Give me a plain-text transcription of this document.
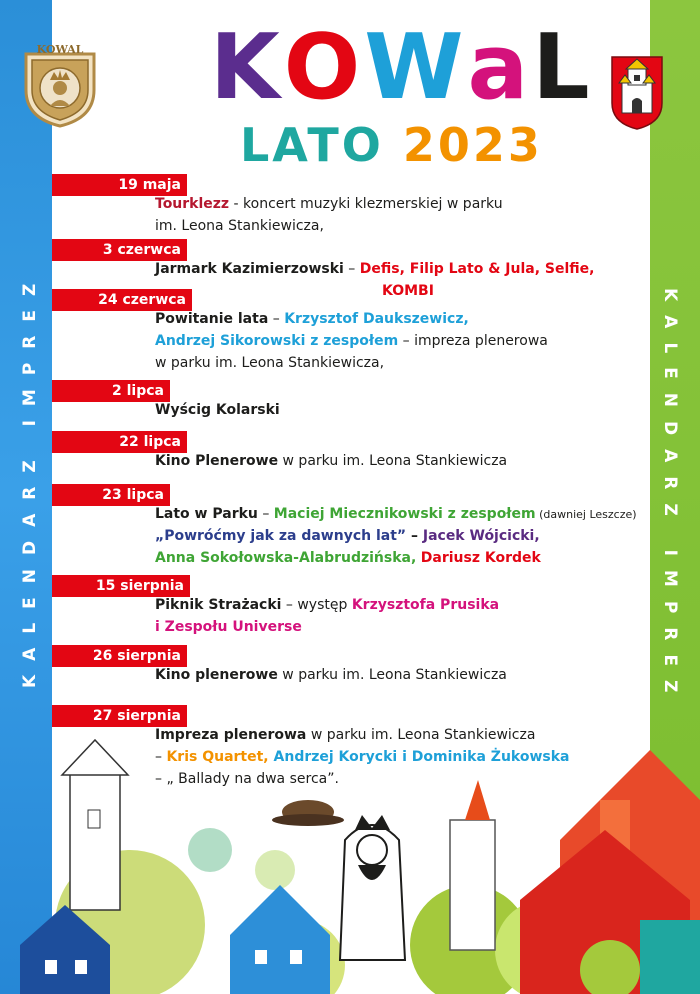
KALENDARZ IMPREZ	KALENDARZ IMPREZ
KOWAL KOWaL
LATO 2023
19 maja
Tourklezz - koncert muzyki klezmerskiej w parku
im. Leona Stankiewicza,
3 czerwca
Jarmark Kazimierzowski – Defis, Filip Lato & Jula, Selfie,
KOMBI
24 czerwca
Powitanie lata – Krzysztof Daukszewicz,
Andrzej Sikorowski z zespołem – impreza plenerowa
w parku im. Leona Stankiewicza,
2 lipca
Wyścig Kolarski
22 lipca
Kino Plenerowe w parku im. Leona Stankiewicza
23 lipca
Lato w Parku – Maciej Miecznikowski z zespołem (dawniej Leszcze)
„Powróćmy jak za dawnych lat” – Jacek Wójcicki,
Anna Sokołowska-Alabrudzińska, Dariusz Kordek
15 sierpnia
Piknik Strażacki – występ Krzysztofa Prusika
i Zespołu Universe
26 sierpnia
Kino plenerowe w parku im. Leona Stankiewicza
27 sierpnia
Impreza plenerowa w parku im. Leona Stankiewicza
– Kris Quartet, Andrzej Korycki i Dominika Żukowska
– „ Ballady na dwa serca”.
